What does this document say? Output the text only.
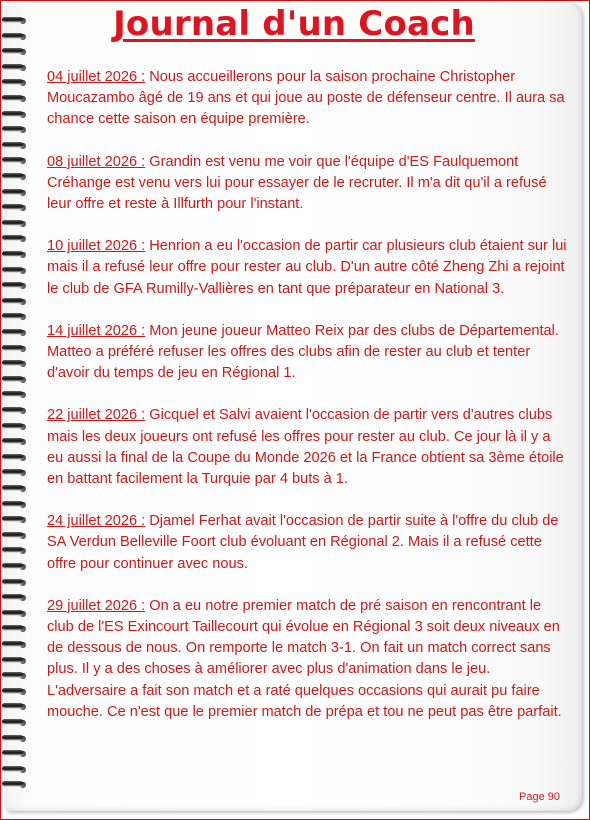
Journal d'un Coach

04 juillet 2026 : Nous accueillerons pour la saison prochaine Christopher Moucazambo âgé de 19 ans et qui joue au poste de défenseur centre. Il aura sa chance cette saison en équipe première.

08 juillet 2026 : Grandin est venu me voir que l'équipe d'ES Faulquemont Créhange est venu vers lui pour essayer de le recruter. Il m'a dit qu'il a refusé leur offre et reste à Illfurth pour l'instant.

10 juillet 2026 : Henrion a eu l'occasion de partir car plusieurs club étaient sur lui mais il a refusé leur offre pour rester au club. D'un autre côté Zheng Zhi a rejoint le club de GFA Rumilly-Vallières en tant que préparateur en National 3.

14 juillet 2026 : Mon jeune joueur Matteo Reix par des clubs de Départemental. Matteo a préféré refuser les offres des clubs afin de rester au club et tenter d'avoir du temps de jeu en Régional 1.

22 juillet 2026 : Gicquel et Salvi avaient l'occasion de partir vers d'autres clubs mais les deux joueurs ont refusé les offres pour rester au club. Ce jour là il y a eu aussi la final de la Coupe du Monde 2026 et la France obtient sa 3ème étoile en battant facilement la Turquie par 4 buts à 1.

24 juillet 2026 : Djamel Ferhat avait l'occasion de partir suite à l'offre du club de SA Verdun Belleville Foort club évoluant en Régional 2. Mais il a refusé cette offre pour continuer avec nous.

29 juillet 2026 : On a eu notre premier match de pré saison en rencontrant le club de l'ES Exincourt Taillecourt qui évolue en Régional 3 soit deux niveaux en de dessous de nous. On remporte le match 3-1. On fait un match correct sans plus. Il y a des choses à améliorer avec plus d'animation dans le jeu. L'adversaire a fait son match et a raté quelques occasions qui aurait pu faire mouche. Ce n'est que le premier match de prépa et tou ne peut pas être parfait.

Page 90
